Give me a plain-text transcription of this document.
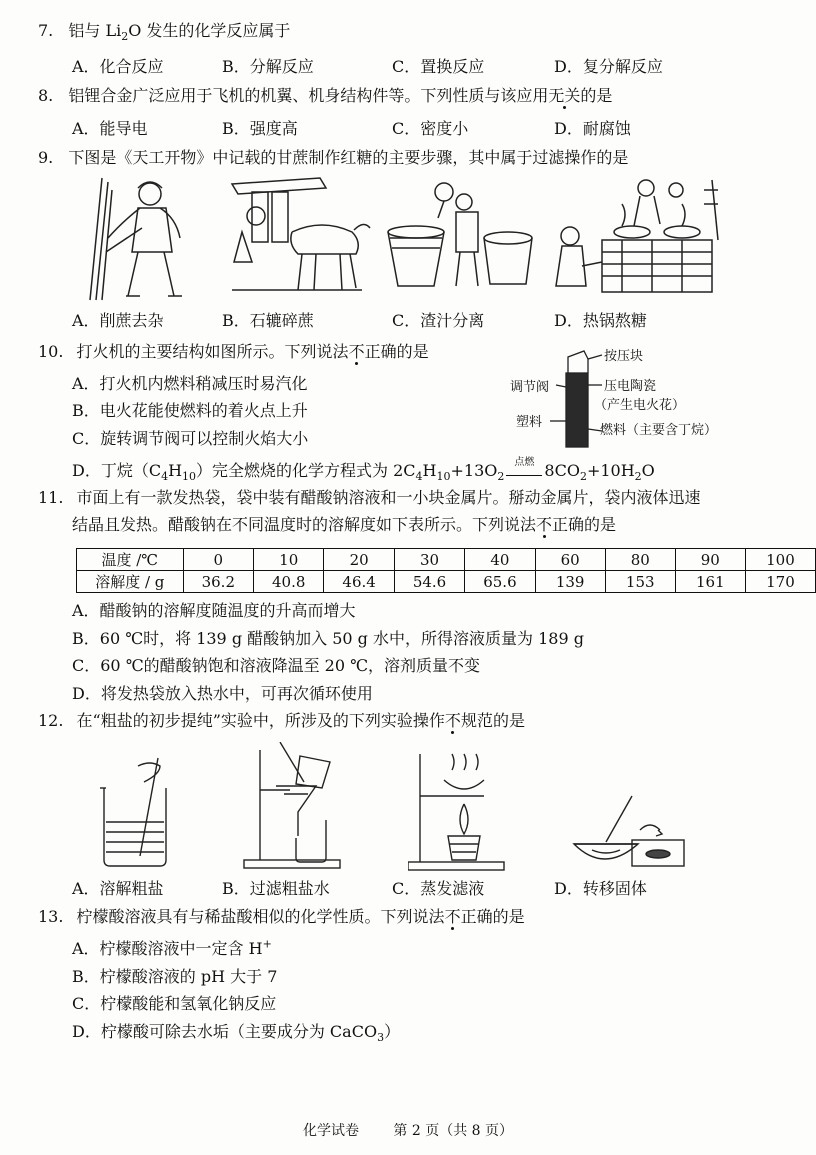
7. 铝与 $Li_2O$ 发生的化学反应属于
A．化合反应	B．分解反应	C．置换反应	D．复分解反应
8. 铝锂合金广泛应用于飞机的机翼、机身结构件等。下列性质与该应用无关的是
A．能导电	B．强度高	C．密度小	D．耐腐蚀
9. 下图是《天工开物》中记载的甘蔗制作红糖的主要步骤，其中属于过滤操作的是
A．削蔗去杂	B．石辘碎蔗	C．渣汁分离	D．热锅熬糖
10. 打火机的主要结构如图所示。下列说法不正确的是
A．打火机内燃料稍减压时易汽化
B．电火花能使燃料的着火点上升
C．旋转调节阀可以控制火焰大小
D．丁烷$(C_4H_{10})$完全燃烧的化学方程式为 $2C_4H_{10}+13O_2$
点燃 $8CO_2+10H_2O$
按压块
调节阀	压电陶瓷
（产生电火花）
塑料
燃料（主要含丁烷）
11. 市面上有一款发热袋，袋中装有醋酸钠溶液和一小块金属片。掰动金属片，袋内液体迅速
结晶且发热。醋酸钠在不同温度时的溶解度如下表所示。下列说法不正确的是
温度 /℃	0	10	20	30	40	60	80	90	100
溶解度 / g	36.2	40.8	46.4	54.6	65.6	139	153	161	170
A．醋酸钠的溶解度随温度的升高而增大
B．60 ℃时，将 139 g 醋酸钠加入 50 g 水中，所得溶液质量为 189 g
C．60 ℃的醋酸钠饱和溶液降温至 20 ℃，溶剂质量不变
D．将发热袋放入热水中，可再次循环使用
12. 在“粗盐的初步提纯”实验中，所涉及的下列实验操作不规范的是
A．溶解粗盐	B．过滤粗盐水	C．蒸发滤液	D．转移固体
13. 柠檬酸溶液具有与稀盐酸相似的化学性质。下列说法不正确的是
A．柠檬酸溶液中一定含 H+
B．柠檬酸溶液的 pH 大于 7
C．柠檬酸能和氢氧化钠反应
D．柠檬酸可除去水垢（主要成分为 CaCO$_3$）
化学试卷 第 2 页（共 8 页）
